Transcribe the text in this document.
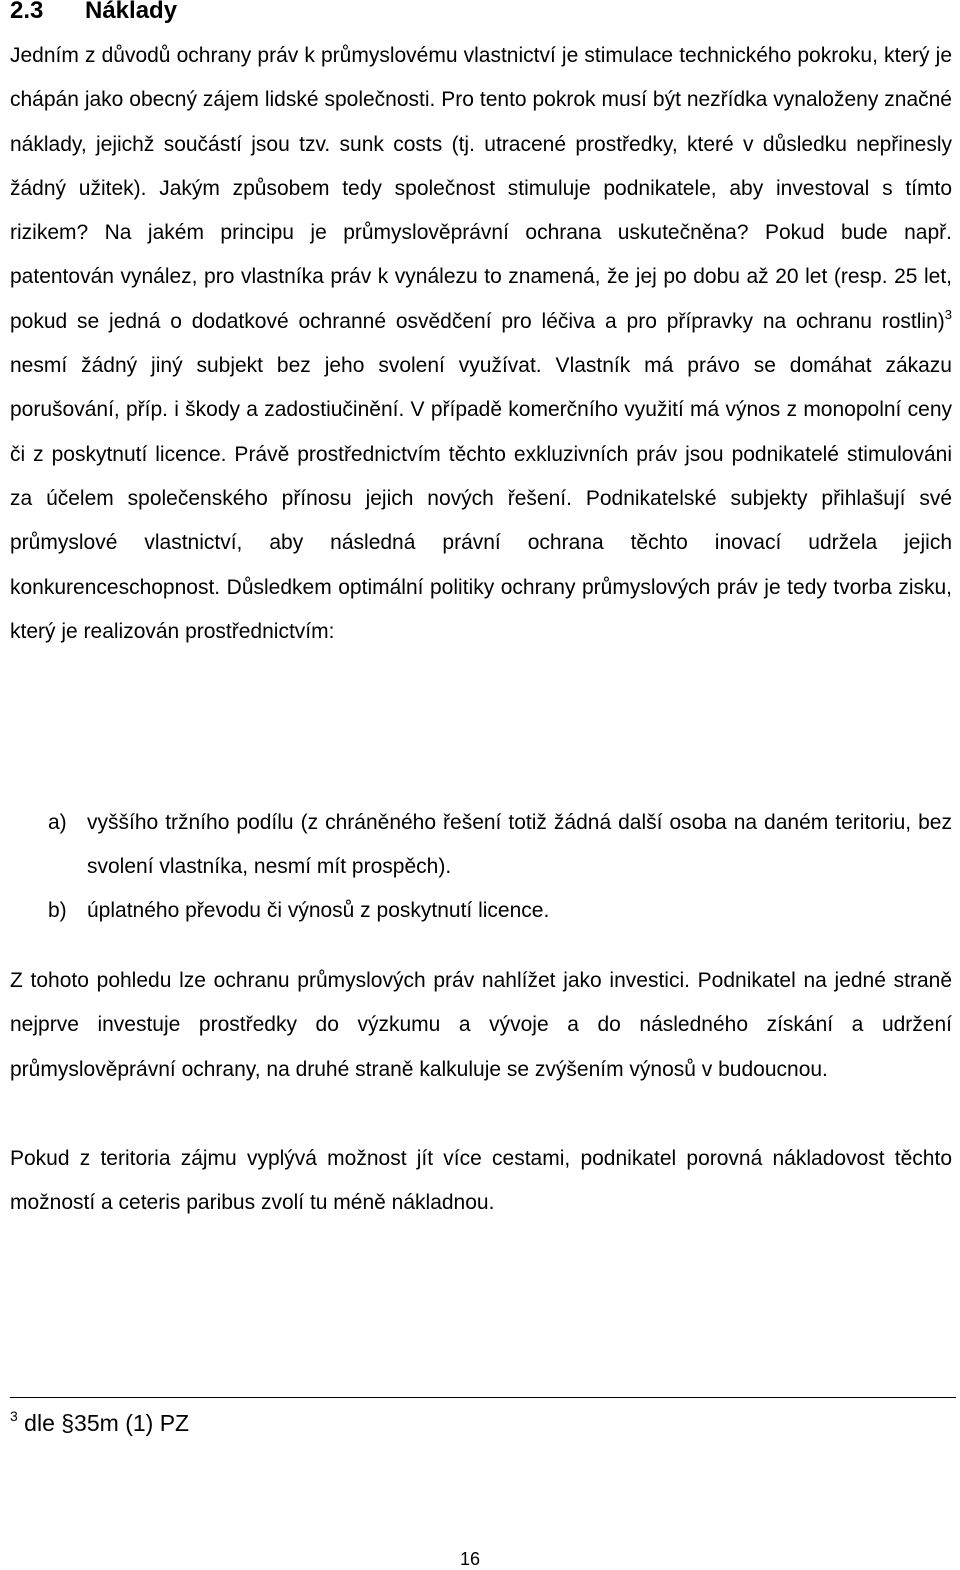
2.3 Náklady

Jedním z důvodů ochrany práv k průmyslovému vlastnictví je stimulace technického pokroku, který je chápán jako obecný zájem lidské společnosti. Pro tento pokrok musí být nezřídka vynaloženy značné náklady, jejichž součástí jsou tzv. sunk costs (tj. utracené prostředky, které v důsledku nepřinesly žádný užitek). Jakým způsobem tedy společnost stimuluje podnikatele, aby investoval s tímto rizikem? Na jakém principu je průmyslověprávní ochrana uskutečněna? Pokud bude např. patentován vynález, pro vlastníka práv k vynálezu to znamená, že jej po dobu až 20 let (resp. 25 let, pokud se jedná o dodatkové ochranné osvědčení pro léčiva a pro přípravky na ochranu rostlin)$^3$ nesmí žádný jiný subjekt bez jeho svolení využívat. Vlastník má právo se domáhat zákazu porušování, příp. i škody a zadostiučinění. V případě komerčního využití má výnos z monopolní ceny či z poskytnutí licence. Právě prostřednictvím těchto exkluzivních práv jsou podnikatelé stimulováni za účelem společenského přínosu jejich nových řešení. Podnikatelské subjekty přihlašují své průmyslové vlastnictví, aby následná právní ochrana těchto inovací udržela jejich konkurenceschopnost. Důsledkem optimální politiky ochrany průmyslových práv je tedy tvorba zisku, který je realizován prostřednictvím:

a) vyššího tržního podílu (z chráněného řešení totiž žádná další osoba na daném teritoriu, bez svolení vlastníka, nesmí mít prospěch).
b) úplatného převodu či výnosů z poskytnutí licence.

Z tohoto pohledu lze ochranu průmyslových práv nahlížet jako investici. Podnikatel na jedné straně nejprve investuje prostředky do výzkumu a vývoje a do následného získání a udržení průmyslověprávní ochrany, na druhé straně kalkuluje se zvýšením výnosů v budoucnou.

Pokud z teritoria zájmu vyplývá možnost jít více cestami, podnikatel porovná nákladovost těchto možností a ceteris paribus zvolí tu méně nákladnou.

$^3$ dle §35m (1) PZ
16
